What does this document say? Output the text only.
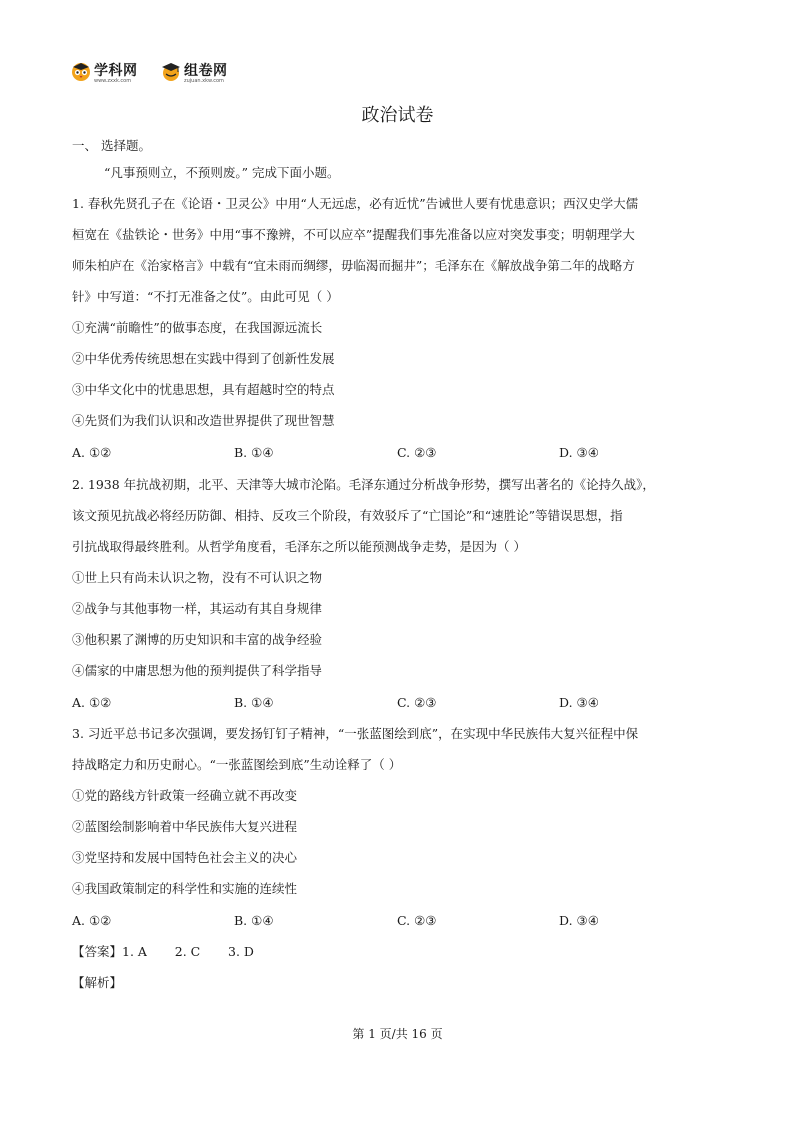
学科网
www.zxxk.com
组卷网
zujuan.xkw.com
政治试卷
一、 选择题。
“凡事预则立，不预则废。” 完成下面小题。
1. 春秋先贤孔子在《论语・卫灵公》中用“人无远虑，必有近忧”告诫世人要有忧患意识；西汉史学大儒
桓宽在《盐铁论・世务》中用“事不豫辨，不可以应卒”提醒我们事先准备以应对突发事变；明朝理学大
师朱柏庐在《治家格言》中载有“宜未雨而绸缪，毋临渴而掘井”；毛泽东在《解放战争第二年的战略方
针》中写道：“不打无准备之仗”。由此可见（ ）
①充满“前瞻性”的做事态度，在我国源远流长
②中华优秀传统思想在实践中得到了创新性发展
③中华文化中的忧患思想，具有超越时空的特点
④先贤们为我们认识和改造世界提供了现世智慧
A. ①②	B. ①④	C. ②③	D. ③④
2. 1938 年抗战初期，北平、天津等大城市沦陷。毛泽东通过分析战争形势，撰写出著名的《论持久战》，
该文预见抗战必将经历防御、相持、反攻三个阶段，有效驳斥了“亡国论”和“速胜论”等错误思想，指
引抗战取得最终胜利。从哲学角度看，毛泽东之所以能预测战争走势，是因为（ ）
①世上只有尚未认识之物，没有不可认识之物
②战争与其他事物一样，其运动有其自身规律
③他积累了渊博的历史知识和丰富的战争经验
④儒家的中庸思想为他的预判提供了科学指导
A. ①②	B. ①④	C. ②③	D. ③④
3. 习近平总书记多次强调，要发扬钉钉子精神，“一张蓝图绘到底”，在实现中华民族伟大复兴征程中保
持战略定力和历史耐心。“一张蓝图绘到底”生动诠释了（ ）
①党的路线方针政策一经确立就不再改变
②蓝图绘制影响着中华民族伟大复兴进程
③党坚持和发展中国特色社会主义的决心
④我国政策制定的科学性和实施的连续性
A. ①②	B. ①④	C. ②③	D. ③④
【答案】1. A       2. C       3. D
【解析】
第 1 页/共 16 页
